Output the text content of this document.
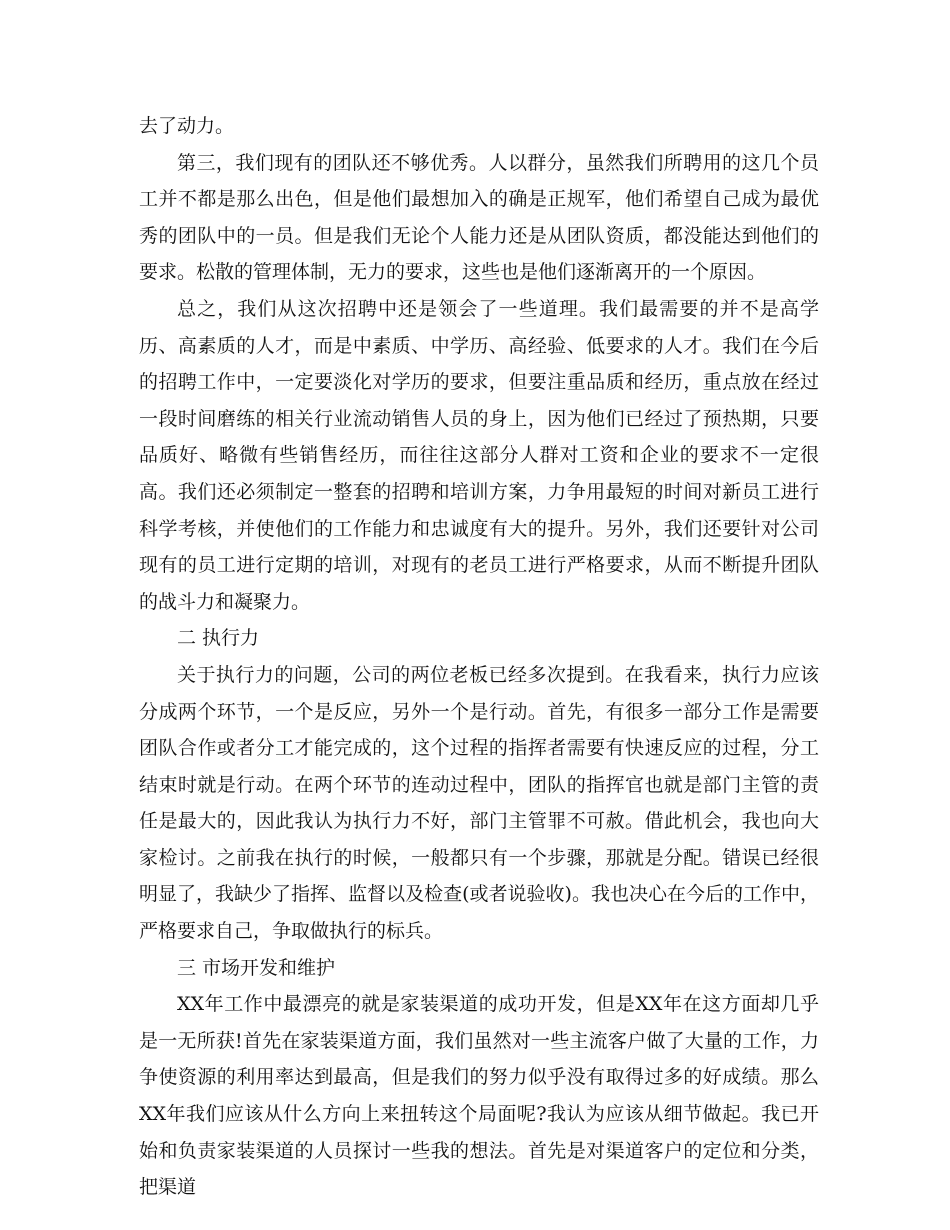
去了动力。

第三，我们现有的团队还不够优秀。人以群分，虽然我们所聘用的这几个员工并不都是那么出色，但是他们最想加入的确是正规军，他们希望自己成为最优秀的团队中的一员。但是我们无论个人能力还是从团队资质，都没能达到他们的要求。松散的管理体制，无力的要求，这些也是他们逐渐离开的一个原因。

总之，我们从这次招聘中还是领会了一些道理。我们最需要的并不是高学历、高素质的人才，而是中素质、中学历、高经验、低要求的人才。我们在今后的招聘工作中，一定要淡化对学历的要求，但要注重品质和经历，重点放在经过一段时间磨练的相关行业流动销售人员的身上，因为他们已经过了预热期，只要品质好、略微有些销售经历，而往往这部分人群对工资和企业的要求不一定很高。我们还必须制定一整套的招聘和培训方案，力争用最短的时间对新员工进行科学考核，并使他们的工作能力和忠诚度有大的提升。另外，我们还要针对公司现有的员工进行定期的培训，对现有的老员工进行严格要求，从而不断提升团队的战斗力和凝聚力。

二 执行力

关于执行力的问题，公司的两位老板已经多次提到。在我看来，执行力应该分成两个环节，一个是反应，另外一个是行动。首先，有很多一部分工作是需要团队合作或者分工才能完成的，这个过程的指挥者需要有快速反应的过程，分工结束时就是行动。在两个环节的连动过程中，团队的指挥官也就是部门主管的责任是最大的，因此我认为执行力不好，部门主管罪不可赦。借此机会，我也向大家检讨。之前我在执行的时候，一般都只有一个步骤，那就是分配。错误已经很明显了，我缺少了指挥、监督以及检查(或者说验收)。我也决心在今后的工作中，严格要求自己，争取做执行的标兵。

三 市场开发和维护

XX年工作中最漂亮的就是家装渠道的成功开发，但是XX年在这方面却几乎是一无所获!首先在家装渠道方面，我们虽然对一些主流客户做了大量的工作，力争使资源的利用率达到最高，但是我们的努力似乎没有取得过多的好成绩。那么XX年我们应该从什么方向上来扭转这个局面呢?我认为应该从细节做起。我已开始和负责家装渠道的人员探讨一些我的想法。首先是对渠道客户的定位和分类，把渠道
